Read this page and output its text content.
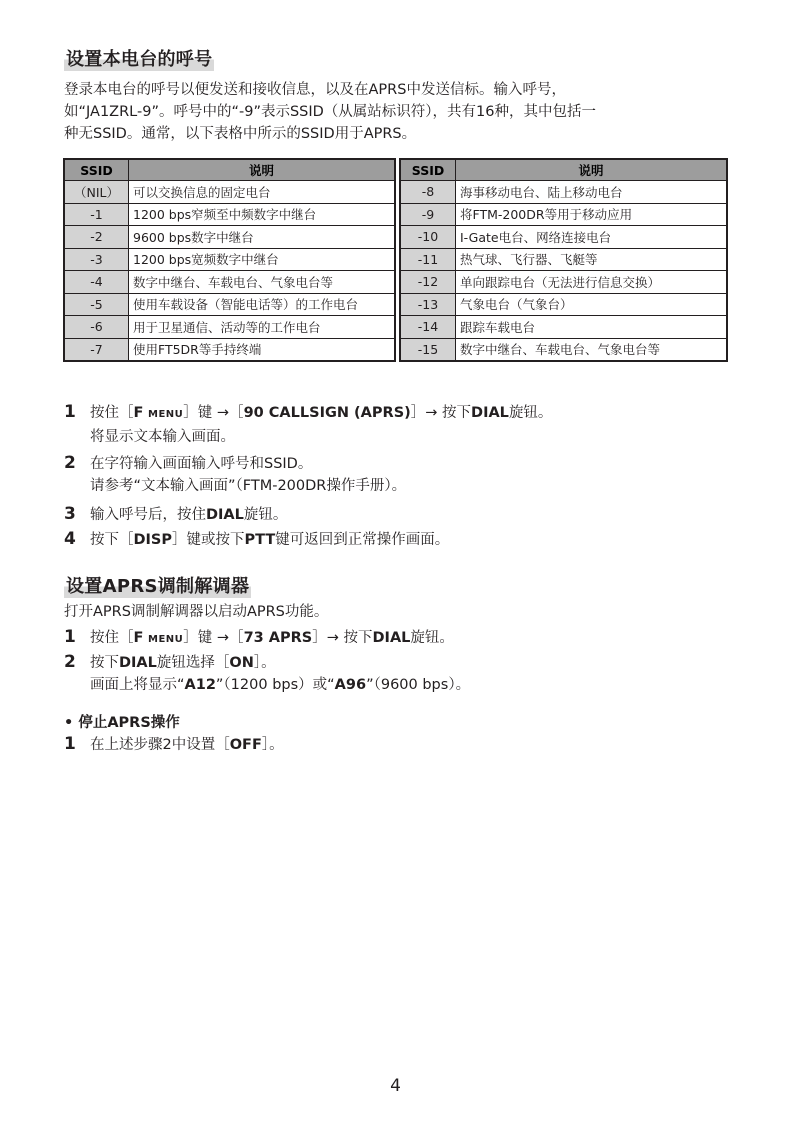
设置本电台的呼号
登录本电台的呼号以便发送和接收信息，以及在APRS中发送信标。输入呼号，
如“JA1ZRL-9”。呼号中的“-9”表示SSID（从属站标识符），共有16种，其中包括一
种无SSID。通常，以下表格中所示的SSID用于APRS。
SSID	说明
（NIL）	可以交换信息的固定电台
-1	1200 bps窄频至中频数字中继台
-2	9600 bps数字中继台
-3	1200 bps宽频数字中继台
-4	数字中继台、车载电台、气象电台等
-5	使用车载设备（智能电话等）的工作电台
-6	用于卫星通信、活动等的工作电台
-7	使用FT5DR等手持终端
SSID	说明
-8	海事移动电台、陆上移动电台
-9	将FTM-200DR等用于移动应用
-10	I-Gate电台、网络连接电台
-11	热气球、飞行器、飞艇等
-12	单向跟踪电台（无法进行信息交换）
-13	气象电台（气象台）
-14	跟踪车载电台
-15	数字中继台、车载电台、气象电台等
1 按住［F MENU］键 →［90 CALLSIGN (APRS)］→ 按下DIAL旋钮。
将显示文本输入画面。
2 在字符输入画面输入呼号和SSID。
请参考“文本输入画面”（FTM-200DR操作手册）。
3 输入呼号后，按住DIAL旋钮。
4 按下［DISP］键或按下PTT键可返回到正常操作画面。
设置APRS调制解调器
打开APRS调制解调器以启动APRS功能。
1 按住［F MENU］键 →［73 APRS］→ 按下DIAL旋钮。
2 按下DIAL旋钮选择［ON］。
画面上将显示“A12”（1200 bps）或“A96”（9600 bps）。
• 停止APRS操作
1 在上述步骤2中设置［OFF］。
4
